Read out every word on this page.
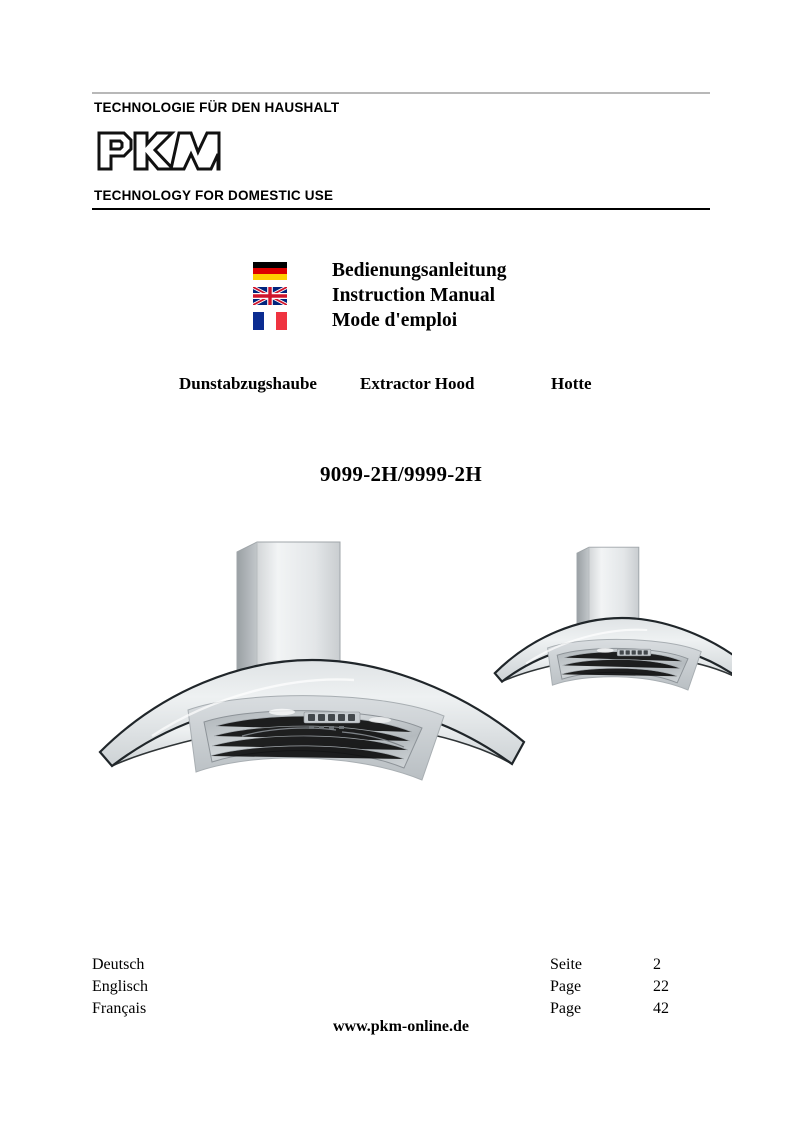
TECHNOLOGIE FÜR DEN HAUSHALT
TECHNOLOGY FOR DOMESTIC USE
Bedienungsanleitung
Instruction Manual
Mode d'emploi
Dunstabzugshaube	Extractor Hood	Hotte
9099-2H/9999-2H
Deutsch	Seite	2
Englisch	Page	22
Français	Page	42
www.pkm-online.de
